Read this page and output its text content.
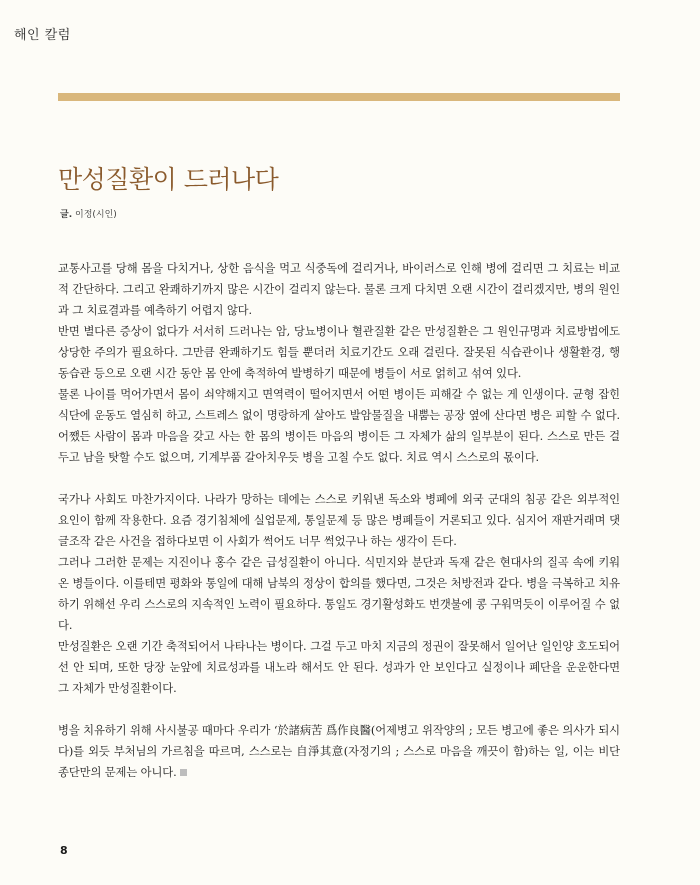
해인 칼럼
만성질환이 드러나다
글. 이정(시인)

교통사고를 당해 몸을 다치거나, 상한 음식을 먹고 식중독에 걸리거나, 바이러스로 인해 병에 걸리면 그 치료는 비교적 간단하다. 그리고 완쾌하기까지 많은 시간이 걸리지 않는다. 물론 크게 다치면 오랜 시간이 걸리겠지만, 병의 원인과 그 치료결과를 예측하기 어렵지 않다.

반면 별다른 증상이 없다가 서서히 드러나는 암, 당뇨병이나 혈관질환 같은 만성질환은 그 원인규명과 치료방법에도 상당한 주의가 필요하다. 그만큼 완쾌하기도 힘들 뿐더러 치료기간도 오래 걸린다. 잘못된 식습관이나 생활환경, 행동습관 등으로 오랜 시간 동안 몸 안에 축적하여 발병하기 때문에 병들이 서로 얽히고 섞여 있다.

물론 나이를 먹어가면서 몸이 쇠약해지고 면역력이 떨어지면서 어떤 병이든 피해갈 수 없는 게 인생이다. 균형 잡힌 식단에 운동도 열심히 하고, 스트레스 없이 명랑하게 살아도 발암물질을 내뿜는 공장 옆에 산다면 병은 피할 수 없다. 어쨌든 사람이 몸과 마음을 갖고 사는 한 몸의 병이든 마음의 병이든 그 자체가 삶의 일부분이 된다. 스스로 만든 걸 두고 남을 탓할 수도 없으며, 기계부품 갈아치우듯 병을 고칠 수도 없다. 치료 역시 스스로의 몫이다.

국가나 사회도 마찬가지이다. 나라가 망하는 데에는 스스로 키워낸 독소와 병폐에 외국 군대의 침공 같은 외부적인 요인이 함께 작용한다. 요즘 경기침체에 실업문제, 통일문제 등 많은 병폐들이 거론되고 있다. 심지어 재판거래며 댓글조작 같은 사건을 접하다보면 이 사회가 썩어도 너무 썩었구나 하는 생각이 든다.

그러나 그러한 문제는 지진이나 홍수 같은 급성질환이 아니다. 식민지와 분단과 독재 같은 현대사의 질곡 속에 키워온 병들이다. 이를테면 평화와 통일에 대해 남북의 정상이 합의를 했다면, 그것은 처방전과 같다. 병을 극복하고 치유하기 위해선 우리 스스로의 지속적인 노력이 필요하다. 통일도 경기활성화도 번갯불에 콩 구워먹듯이 이루어질 수 없다.

만성질환은 오랜 기간 축적되어서 나타나는 병이다. 그걸 두고 마치 지금의 정권이 잘못해서 일어난 일인양 호도되어선 안 되며, 또한 당장 눈앞에 치료성과를 내노라 해서도 안 된다. 성과가 안 보인다고 실정이나 폐단을 운운한다면 그 자체가 만성질환이다.

병을 치유하기 위해 사시불공 때마다 우리가 ‘於諸病苦 爲作良醫(어제병고 위작양의 ; 모든 병고에 좋은 의사가 되시다)를 외듯 부처님의 가르침을 따르며, 스스로는 自淨其意(자정기의 ; 스스로 마음을 깨끗이 함)하는 일, 이는 비단 종단만의 문제는 아니다.

8
